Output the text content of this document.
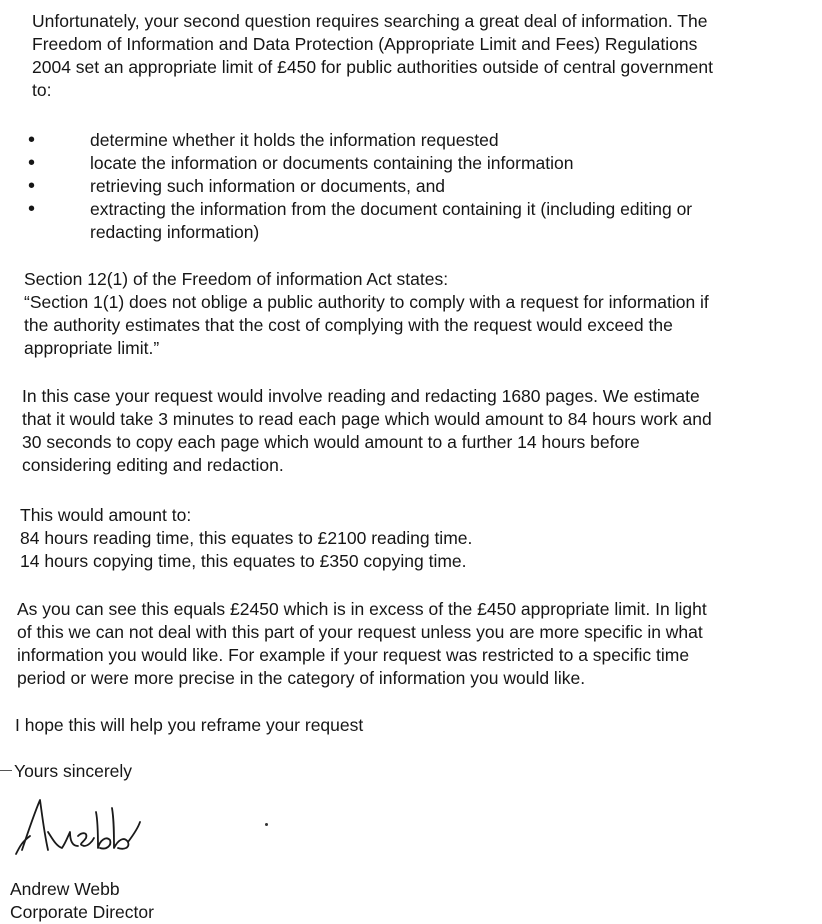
Unfortunately, your second question requires searching a great deal of information. The
Freedom of Information and Data Protection (Appropriate Limit and Fees) Regulations
2004 set an appropriate limit of £450 for public authorities outside of central government
to:

•	determine whether it holds the information requested
•	locate the information or documents containing the information
•	retrieving such information or documents, and
•	extracting the information from the document containing it (including editing or
redacting information)

Section 12(1) of the Freedom of information Act states:
“Section 1(1) does not oblige a public authority to comply with a request for information if
the authority estimates that the cost of complying with the request would exceed the
appropriate limit.”

In this case your request would involve reading and redacting 1680 pages. We estimate
that it would take 3 minutes to read each page which would amount to 84 hours work and
30 seconds to copy each page which would amount to a further 14 hours before
considering editing and redaction.

This would amount to:
84 hours reading time, this equates to £2100 reading time.
14 hours copying time, this equates to £350 copying time.

As you can see this equals £2450 which is in excess of the £450 appropriate limit. In light
of this we can not deal with this part of your request unless you are more specific in what
information you would like. For example if your request was restricted to a specific time
period or were more precise in the category of information you would like.

I hope this will help you reframe your request

Yours sincerely

Andrew Webb
Corporate Director
